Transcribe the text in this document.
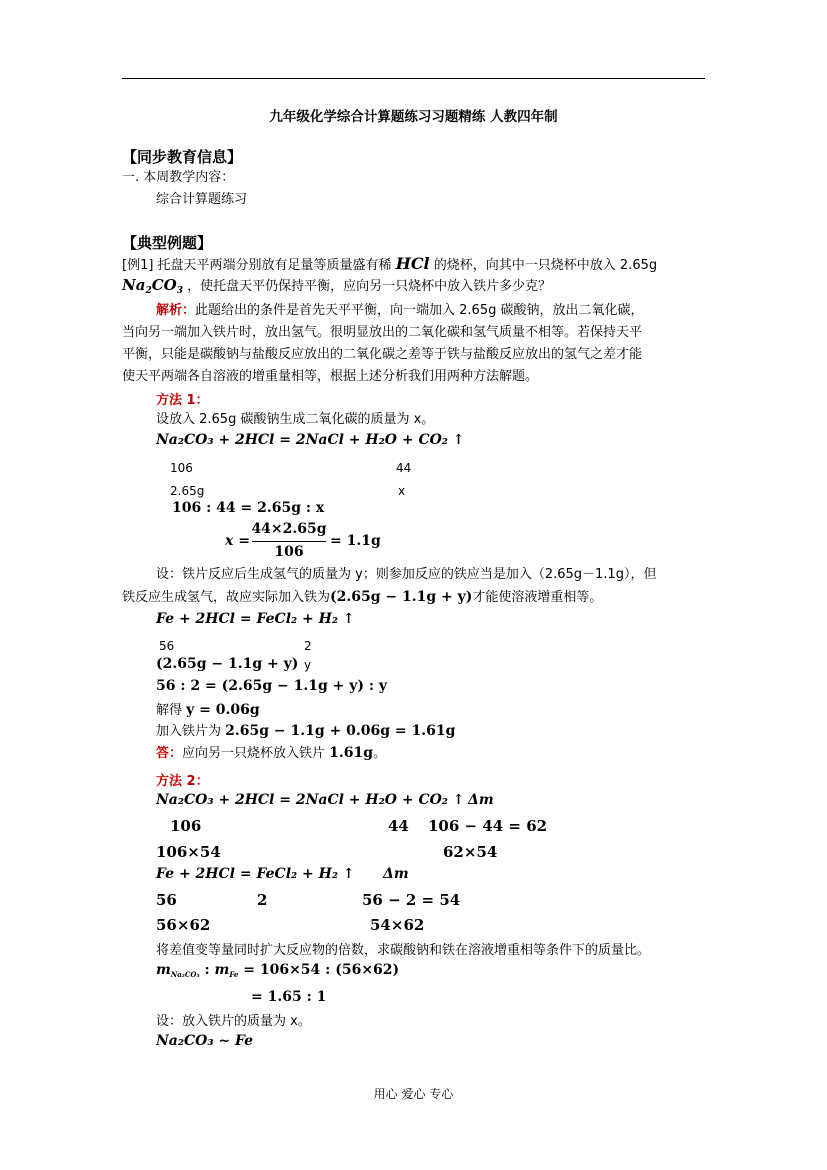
九年级化学综合计算题练习习题精练 人教四年制
【同步教育信息】
一. 本周教学内容：
综合计算题练习
【典型例题】
[例1] 托盘天平两端分别放有足量等质量盛有稀 HCl 的烧杯，向其中一只烧杯中放入 2.65g
$Na_2CO_3$ ，使托盘天平仍保持平衡，应向另一只烧杯中放入铁片多少克？
解析：此题给出的条件是首先天平平衡，向一端加入 2.65g 碳酸钠，放出二氧化碳，
当向另一端加入铁片时，放出氢气。很明显放出的二氧化碳和氢气质量不相等。若保持天平
平衡，只能是碳酸钠与盐酸反应放出的二氧化碳之差等于铁与盐酸反应放出的氢气之差才能
使天平两端各自溶液的增重量相等，根据上述分析我们用两种方法解题。
方法 1：
设放入 2.65g 碳酸钠生成二氧化碳的质量为 x。
Na₂CO₃ + 2HCl = 2NaCl + H₂O + CO₂ ↑
106	44
2.65g	x
106 : 44 = 2.65g : x
x =
44×2.65g
106
= 1.1g
设：铁片反应后生成氢气的质量为 y；则参加反应的铁应当是加入（2.65g－1.1g），但
铁反应生成氢气，故应实际加入铁为(2.65g − 1.1g + y)才能使溶液增重相等。
Fe + 2HCl = FeCl₂ + H₂ ↑
56	2
(2.65g − 1.1g + y) y
56 : 2 = (2.65g − 1.1g + y) : y
解得 y = 0.06g
加入铁片为 2.65g − 1.1g + 0.06g = 1.61g
答：应向另一只烧杯放入铁片 1.61g。
方法 2：
Na₂CO₃ + 2HCl = 2NaCl + H₂O + CO₂ ↑ Δm
106	44 106 − 44 = 62
106×54	62×54
Fe + 2HCl = FeCl₂ + H₂ ↑ Δm
56	2	56 − 2 = 54
56×62	54×62
将差值变等量同时扩大反应物的倍数，求碳酸钠和铁在溶液增重相等条件下的质量比。
$m_{Na_2CO_3}$ : $m_{Fe} = 106\times 54$ : (56×62)
= 1.65 : 1
设：放入铁片的质量为 x。
Na₂CO₃ ~ Fe
用心 爱心 专心
